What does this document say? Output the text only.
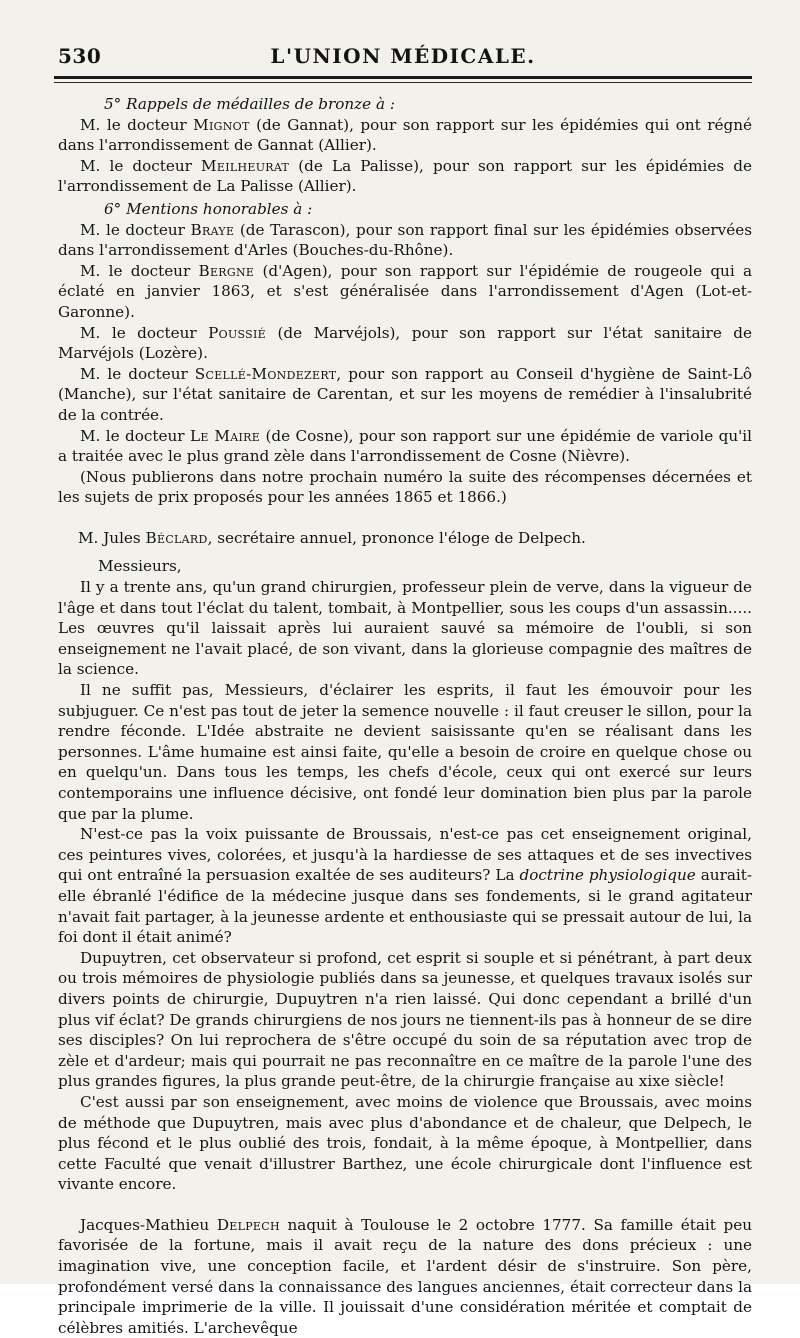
530	L'UNION MÉDICALE.

5° Rappels de médailles de bronze à :

M. le docteur Mignot (de Gannat), pour son rapport sur les épidémies qui ont régné dans l'arrondissement de Gannat (Allier).

M. le docteur Meilheurat (de La Palisse), pour son rapport sur les épidémies de l'arrondissement de La Palisse (Allier).

6° Mentions honorables à :

M. le docteur Braye (de Tarascon), pour son rapport final sur les épidémies observées dans l'arrondissement d'Arles (Bouches-du-Rhône).

M. le docteur Bergne (d'Agen), pour son rapport sur l'épidémie de rougeole qui a éclaté en janvier 1863, et s'est généralisée dans l'arrondissement d'Agen (Lot-et-Garonne).

M. le docteur Poussié (de Marvéjols), pour son rapport sur l'état sanitaire de Marvéjols (Lozère).

M. le docteur Scellé-Mondezert, pour son rapport au Conseil d'hygiène de Saint-Lô (Manche), sur l'état sanitaire de Carentan, et sur les moyens de remédier à l'insalubrité de la contrée.

M. le docteur Le Maire (de Cosne), pour son rapport sur une épidémie de variole qu'il a traitée avec le plus grand zèle dans l'arrondissement de Cosne (Nièvre).

(Nous publierons dans notre prochain numéro la suite des récompenses décernées et les sujets de prix proposés pour les années 1865 et 1866.)

M. Jules Béclard, secrétaire annuel, prononce l'éloge de Delpech.

Messieurs,

Il y a trente ans, qu'un grand chirurgien, professeur plein de verve, dans la vigueur de l'âge et dans tout l'éclat du talent, tombait, à Montpellier, sous les coups d'un assassin..... Les œuvres qu'il laissait après lui auraient sauvé sa mémoire de l'oubli, si son enseignement ne l'avait placé, de son vivant, dans la glorieuse compagnie des maîtres de la science.

Il ne suffit pas, Messieurs, d'éclairer les esprits, il faut les émouvoir pour les subjuguer. Ce n'est pas tout de jeter la semence nouvelle : il faut creuser le sillon, pour la rendre féconde. L'Idée abstraite ne devient saisissante qu'en se réalisant dans les personnes. L'âme humaine est ainsi faite, qu'elle a besoin de croire en quelque chose ou en quelqu'un. Dans tous les temps, les chefs d'école, ceux qui ont exercé sur leurs contemporains une influence décisive, ont fondé leur domination bien plus par la parole que par la plume.

N'est-ce pas la voix puissante de Broussais, n'est-ce pas cet enseignement original, ces peintures vives, colorées, et jusqu'à la hardiesse de ses attaques et de ses invectives qui ont entraîné la persuasion exaltée de ses auditeurs? La doctrine physiologique aurait-elle ébranlé l'édifice de la médecine jusque dans ses fondements, si le grand agitateur n'avait fait partager, à la jeunesse ardente et enthousiaste qui se pressait autour de lui, la foi dont il était animé?

Dupuytren, cet observateur si profond, cet esprit si souple et si pénétrant, à part deux ou trois mémoires de physiologie publiés dans sa jeunesse, et quelques travaux isolés sur divers points de chirurgie, Dupuytren n'a rien laissé. Qui donc cependant a brillé d'un plus vif éclat? De grands chirurgiens de nos jours ne tiennent-ils pas à honneur de se dire ses disciples? On lui reprochera de s'être occupé du soin de sa réputation avec trop de zèle et d'ardeur; mais qui pourrait ne pas reconnaître en ce maître de la parole l'une des plus grandes figures, la plus grande peut-être, de la chirurgie française au xixe siècle!

C'est aussi par son enseignement, avec moins de violence que Broussais, avec moins de méthode que Dupuytren, mais avec plus d'abondance et de chaleur, que Delpech, le plus fécond et le plus oublié des trois, fondait, à la même époque, à Montpellier, dans cette Faculté que venait d'illustrer Barthez, une école chirurgicale dont l'influence est vivante encore.

Jacques-Mathieu Delpech naquit à Toulouse le 2 octobre 1777. Sa famille était peu favorisée de la fortune, mais il avait reçu de la nature des dons précieux : une imagination vive, une conception facile, et l'ardent désir de s'instruire. Son père, profondément versé dans la connaissance des langues anciennes, était correcteur dans la principale imprimerie de la ville. Il jouissait d'une considération méritée et comptait de célèbres amitiés. L'archevêque
